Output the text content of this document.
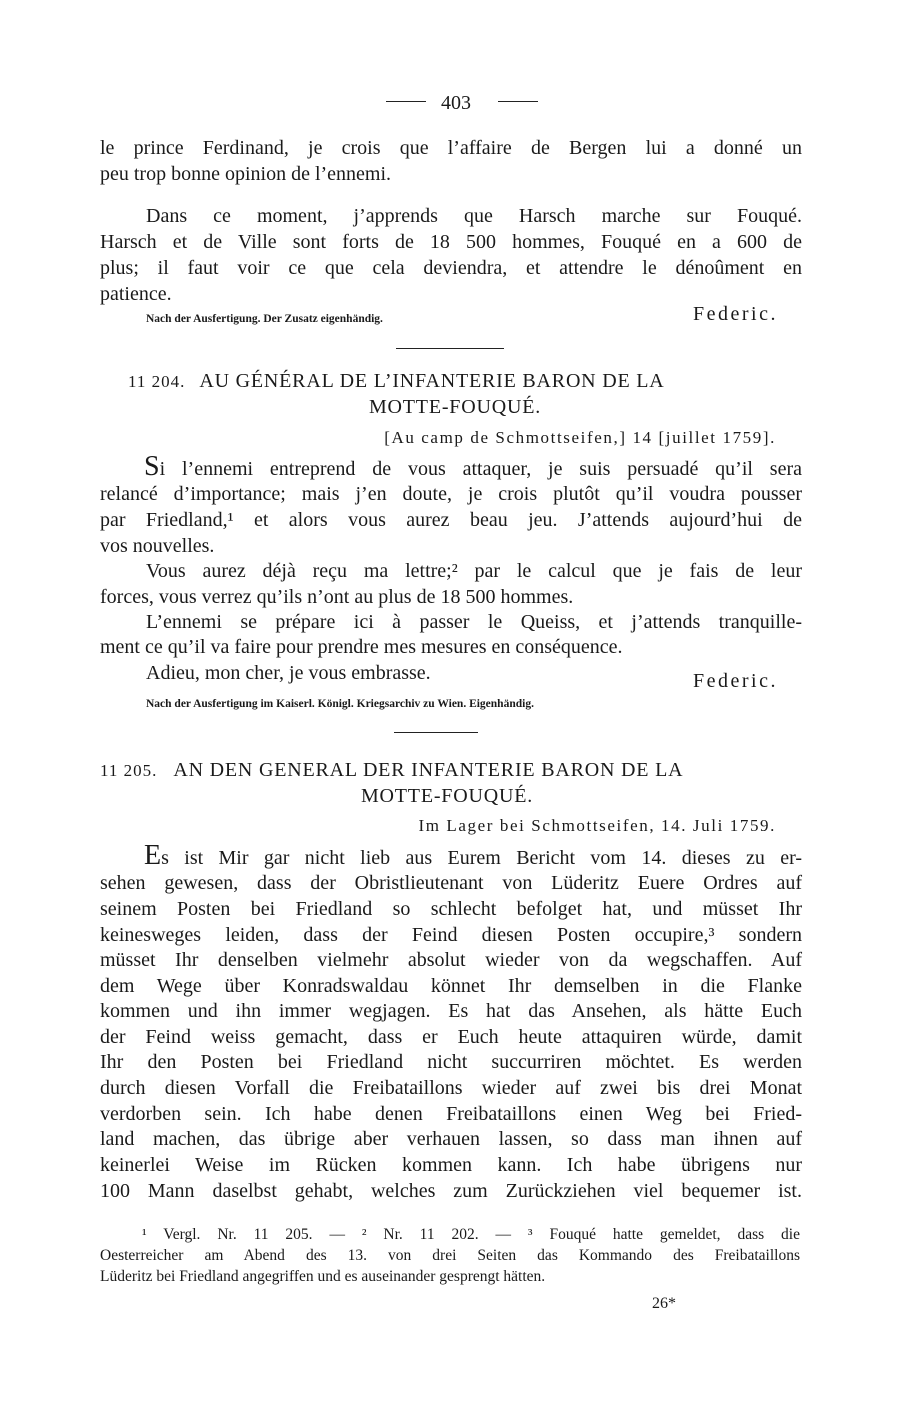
403
le prince Ferdinand, je crois que l’affaire de Bergen lui a donné un
peu trop bonne opinion de l’ennemi.
Dans ce moment, j’apprends que Harsch marche sur Fouqué.
Harsch et de Ville sont forts de 18 500 hommes, Fouqué en a 600 de
plus; il faut voir ce que cela deviendra, et attendre le dénoûment en
patience.
Nach der Ausfertigung. Der Zusatz eigenhändig.	Federic.
11 204. AU GÉNÉRAL DE L’INFANTERIE BARON DE LA
MOTTE-FOUQUÉ.
[Au camp de Schmottseifen,] 14 [juillet 1759].
Si l’ennemi entreprend de vous attaquer, je suis persuadé qu’il sera
relancé d’importance; mais j’en doute, je crois plutôt qu’il voudra pousser
par Friedland,¹ et alors vous aurez beau jeu. J’attends aujourd’hui de
vos nouvelles.
Vous aurez déjà reçu ma lettre;² par le calcul que je fais de leur
forces, vous verrez qu’ils n’ont au plus de 18 500 hommes.
L’ennemi se prépare ici à passer le Queiss, et j’attends tranquille-
ment ce qu’il va faire pour prendre mes mesures en conséquence.
Adieu, mon cher, je vous embrasse.	Federic.
Nach der Ausfertigung im Kaiserl. Königl. Kriegsarchiv zu Wien. Eigenhändig.
11 205. AN DEN GENERAL DER INFANTERIE BARON DE LA
MOTTE-FOUQUÉ.
Im Lager bei Schmottseifen, 14. Juli 1759.
Es ist Mir gar nicht lieb aus Eurem Bericht vom 14. dieses zu er-
sehen gewesen, dass der Obristlieutenant von Lüderitz Euere Ordres auf
seinem Posten bei Friedland so schlecht befolget hat, und müsset Ihr
keinesweges leiden, dass der Feind diesen Posten occupire,³ sondern
müsset Ihr denselben vielmehr absolut wieder von da wegschaffen. Auf
dem Wege über Konradswaldau könnet Ihr demselben in die Flanke
kommen und ihn immer wegjagen. Es hat das Ansehen, als hätte Euch
der Feind weiss gemacht, dass er Euch heute attaquiren würde, damit
Ihr den Posten bei Friedland nicht succurriren möchtet. Es werden
durch diesen Vorfall die Freibataillons wieder auf zwei bis drei Monat
verdorben sein. Ich habe denen Freibataillons einen Weg bei Fried-
land machen, das übrige aber verhauen lassen, so dass man ihnen auf
keinerlei Weise im Rücken kommen kann. Ich habe übrigens nur
100 Mann daselbst gehabt, welches zum Zurückziehen viel bequemer ist.
¹ Vergl. Nr. 11 205. — ² Nr. 11 202. — ³ Fouqué hatte gemeldet, dass die
Oesterreicher am Abend des 13. von drei Seiten das Kommando des Freibataillons
Lüderitz bei Friedland angegriffen und es auseinander gesprengt hätten.
26*
